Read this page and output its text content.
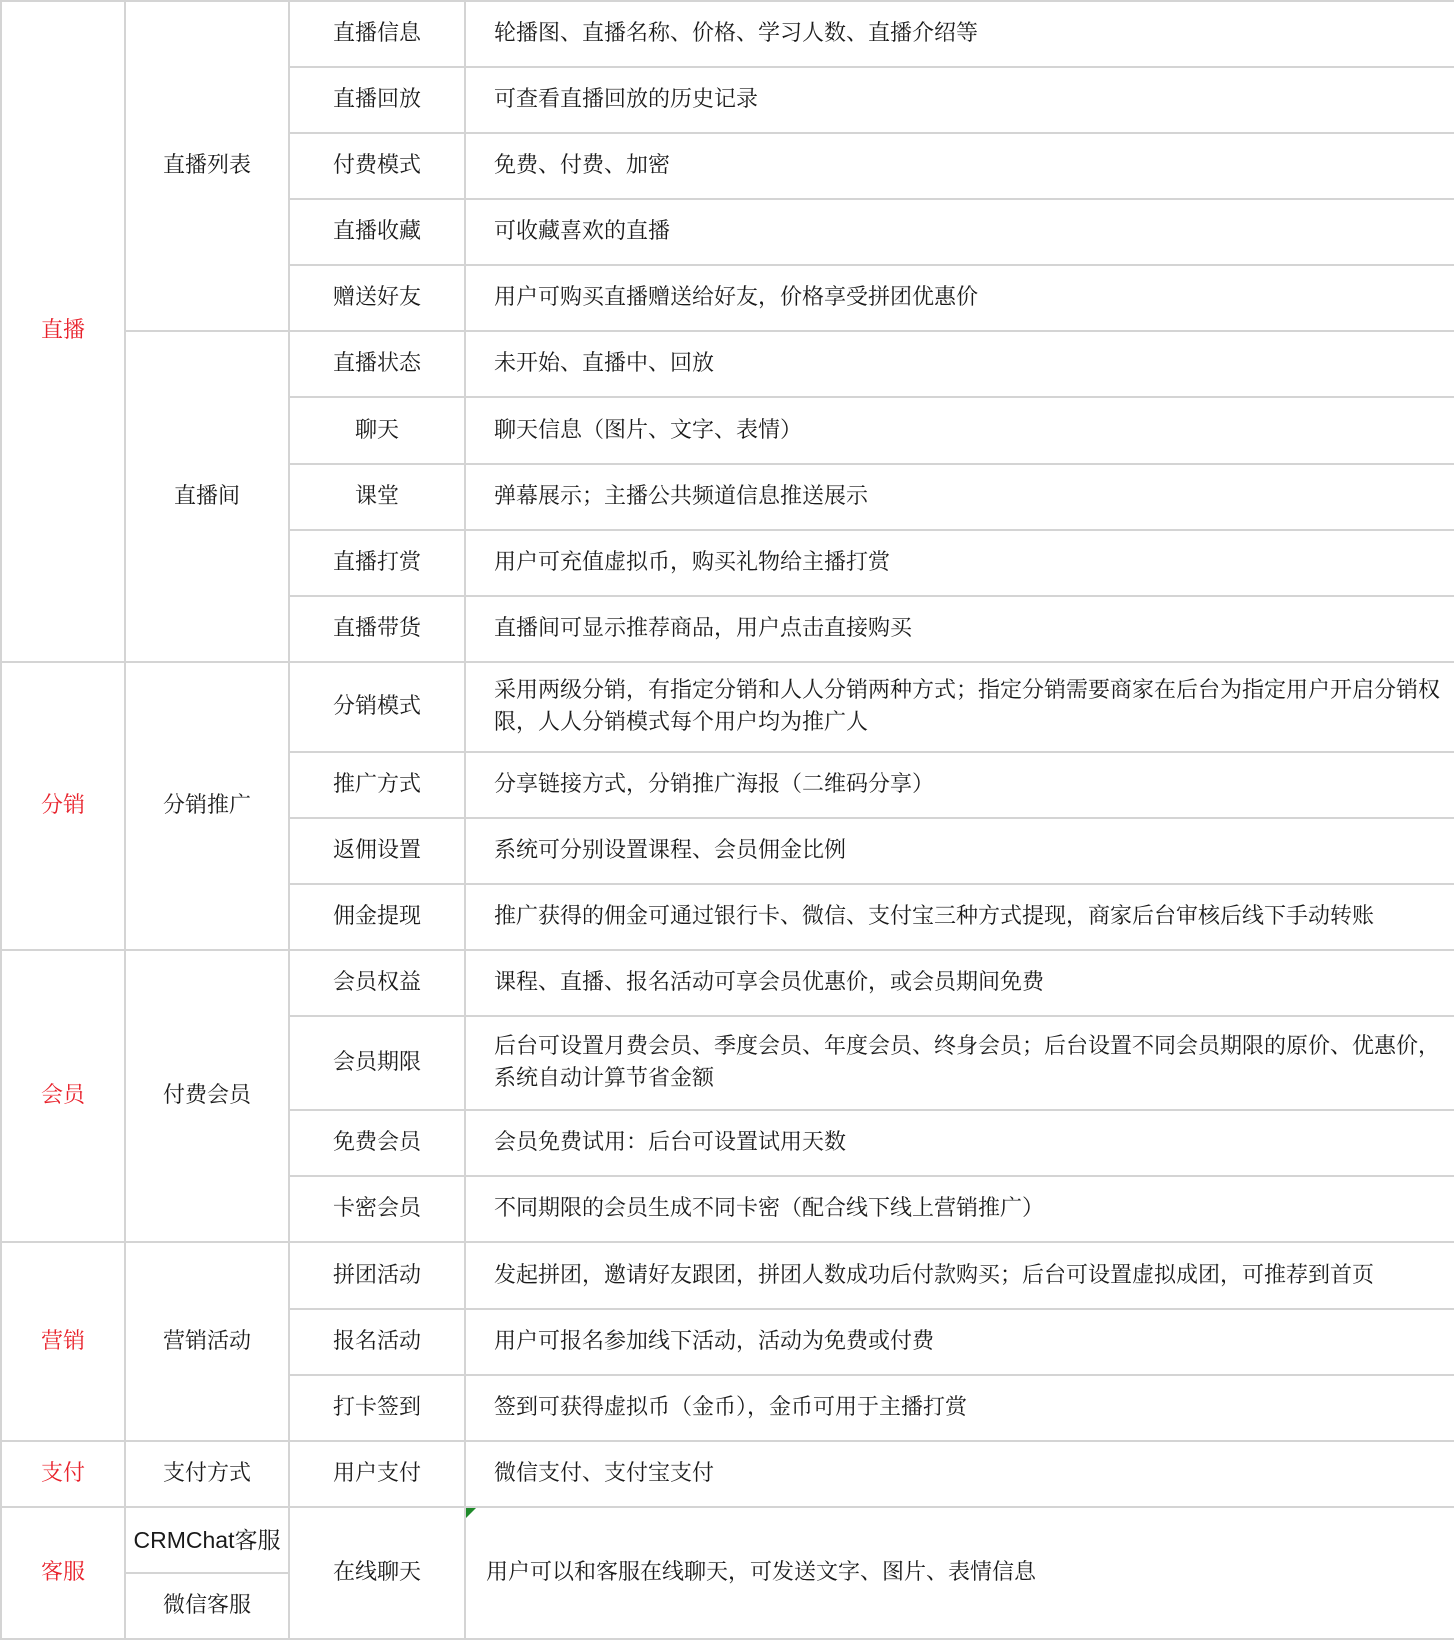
直播	直播列表	直播信息	轮播图、直播名称、价格、学习人数、直播介绍等
		直播回放	可查看直播回放的历史记录
		付费模式	免费、付费、加密
		直播收藏	可收藏喜欢的直播
		赠送好友	用户可购买直播赠送给好友，价格享受拼团优惠价
	直播间	直播状态	未开始、直播中、回放
		聊天	聊天信息（图片、文字、表情）
		课堂	弹幕展示；主播公共频道信息推送展示
		直播打赏	用户可充值虚拟币，购买礼物给主播打赏
		直播带货	直播间可显示推荐商品，用户点击直接购买
分销	分销推广	分销模式	采用两级分销，有指定分销和人人分销两种方式；指定分销需要商家在后台为指定用户开启分销权限，人人分销模式每个用户均为推广人
		推广方式	分享链接方式，分销推广海报（二维码分享）
		返佣设置	系统可分别设置课程、会员佣金比例
		佣金提现	推广获得的佣金可通过银行卡、微信、支付宝三种方式提现，商家后台审核后线下手动转账
会员	付费会员	会员权益	课程、直播、报名活动可享会员优惠价，或会员期间免费
		会员期限	后台可设置月费会员、季度会员、年度会员、终身会员；后台设置不同会员期限的原价、优惠价，系统自动计算节省金额
		免费会员	会员免费试用：后台可设置试用天数
		卡密会员	不同期限的会员生成不同卡密（配合线下线上营销推广）
营销	营销活动	拼团活动	发起拼团，邀请好友跟团，拼团人数成功后付款购买；后台可设置虚拟成团，可推荐到首页
		报名活动	用户可报名参加线下活动，活动为免费或付费
		打卡签到	签到可获得虚拟币（金币），金币可用于主播打赏
支付	支付方式	用户支付	微信支付、支付宝支付
客服	CRMChat客服	在线聊天	用户可以和客服在线聊天，可发送文字、图片、表情信息
	微信客服		
